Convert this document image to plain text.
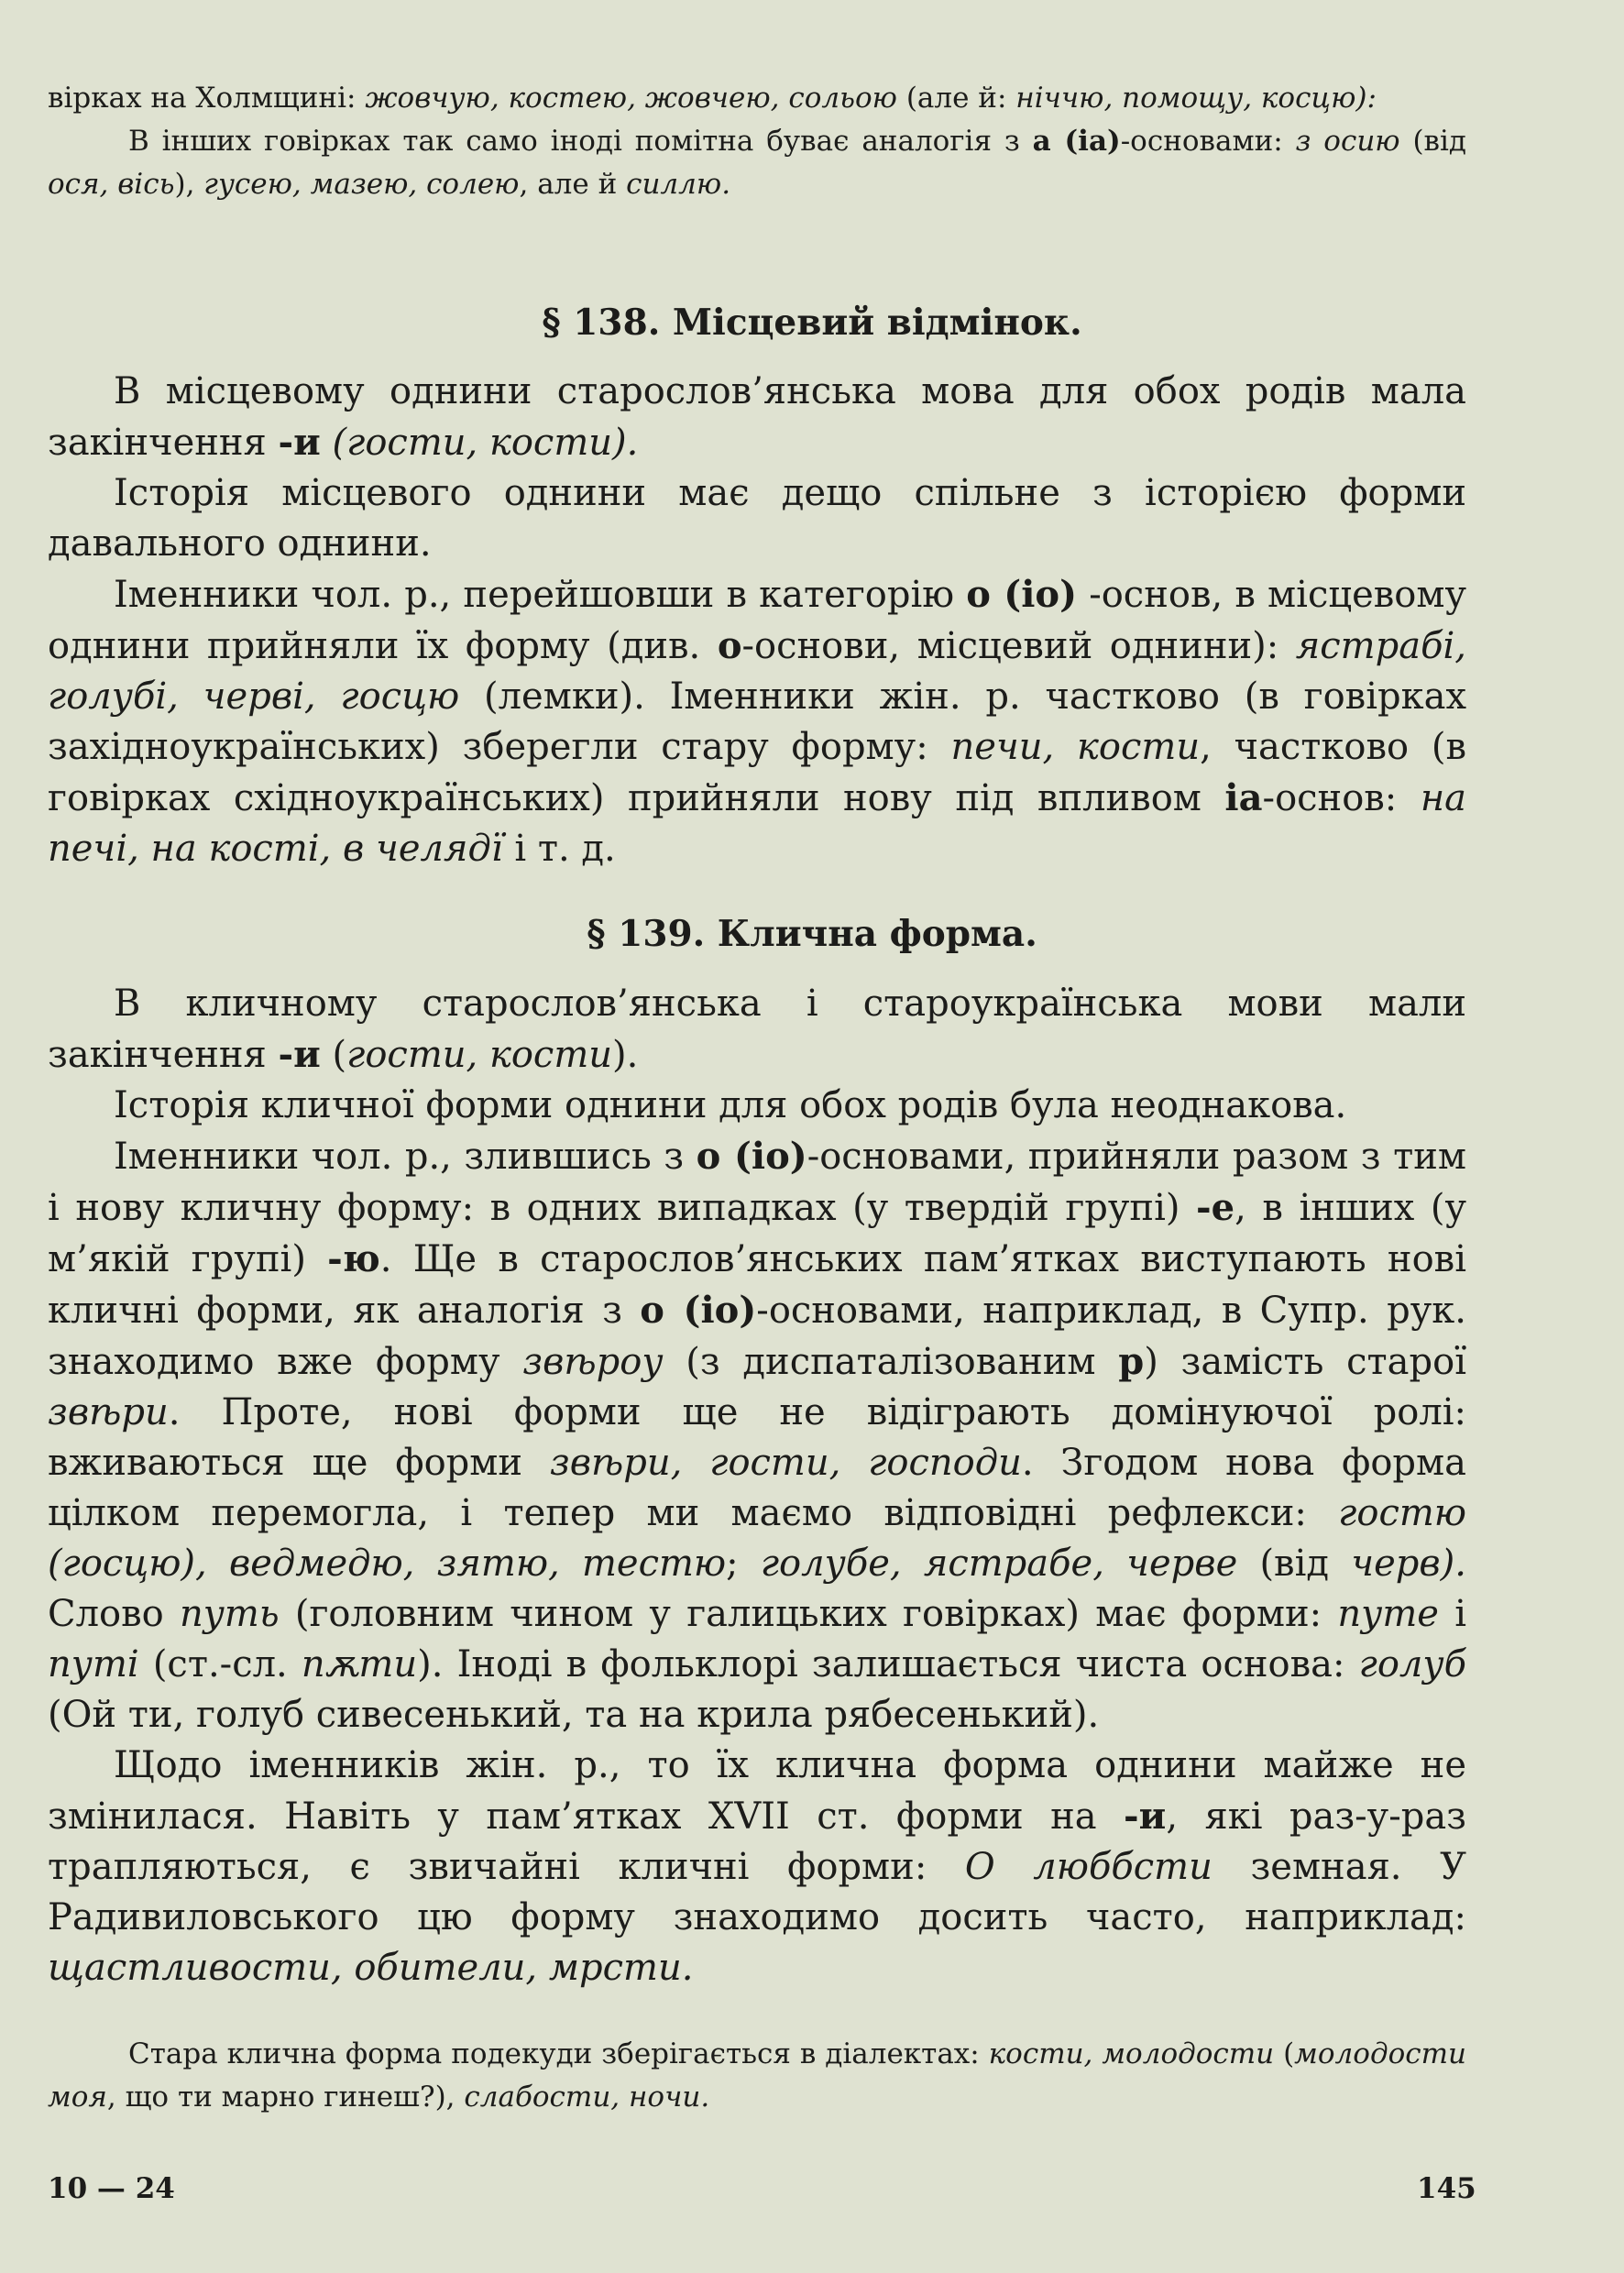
вірках на Холмщині: жовчую, костею, жовчею, сольою (але й: ніччю, помощу, косцю):
В інших говірках так само іноді помітна буває аналогія з а (іа)-основами: з осию (від ося, вісь), гусею, мазею, солею, але й силлю.
§ 138. Місцевий відмінок.
В місцевому однини старослов’янська мова для обох родів мала закінчення -и (гости, кости).
Історія місцевого однини має дещо спільне з історією форми давального однини.
Іменники чол. р., перейшовши в категорію о (іо) -основ, в місцевому однини прийняли їх форму (див. о-основи, місцевий однини): ястрабі, голубі, черві, госцю (лемки). Іменники жін. р. частково (в говірках західноукраїнських) зберегли стару форму: печи, кости, частково (в говірках східноукраїнських) прийняли нову під впливом іа-основ: на печі, на кості, в челядї і т. д.
§ 139. Клична форма.
В кличному старослов’янська і староукраїнська мови мали закінчення -и (гости, кости).
Історія кличної форми однини для обох родів була неоднакова.
Іменники чол. р., злившись з о (іо)-основами, прийняли разом з тим і нову кличну форму: в одних випадках (у твердій групі) -е, в інших (у м’якій групі) -ю. Ще в старослов’янських пам’ятках виступають нові кличні форми, як аналогія з о (іо)-основами, наприклад, в Супр. рук. знаходимо вже форму звѣроу (з диспаталізованим р) замість старої звѣри. Проте, нові форми ще не відіграють домінуючої ролі: вживаються ще форми звѣри, гости, господи. Згодом нова форма цілком перемогла, і тепер ми маємо відповідні рефлекси: гостю (госцю), ведмедю, зятю, тестю; голубе, ястрабе, черве (від черв). Слово путь (головним чином у галицьких говірках) має форми: путе і путі (ст.-сл. пѫти). Іноді в фольклорі залишається чиста основа: голуб (Ой ти, голуб сивесенький, та на крила рябесенький).
Щодо іменників жін. р., то їх клична форма однини майже не змінилася. Навіть у пам’ятках XVII ст. форми на -и, які раз-у-раз трапляються, є звичайні кличні форми: О люббсти земная. У Радивиловського цю форму знаходимо досить часто, наприклад: щастливости, обители, мрсти.
Стара клична форма подекуди зберігається в діалектах: кости, молодости (молодости моя, що ти марно гинеш?), слабости, ночи.
10 — 24	145
